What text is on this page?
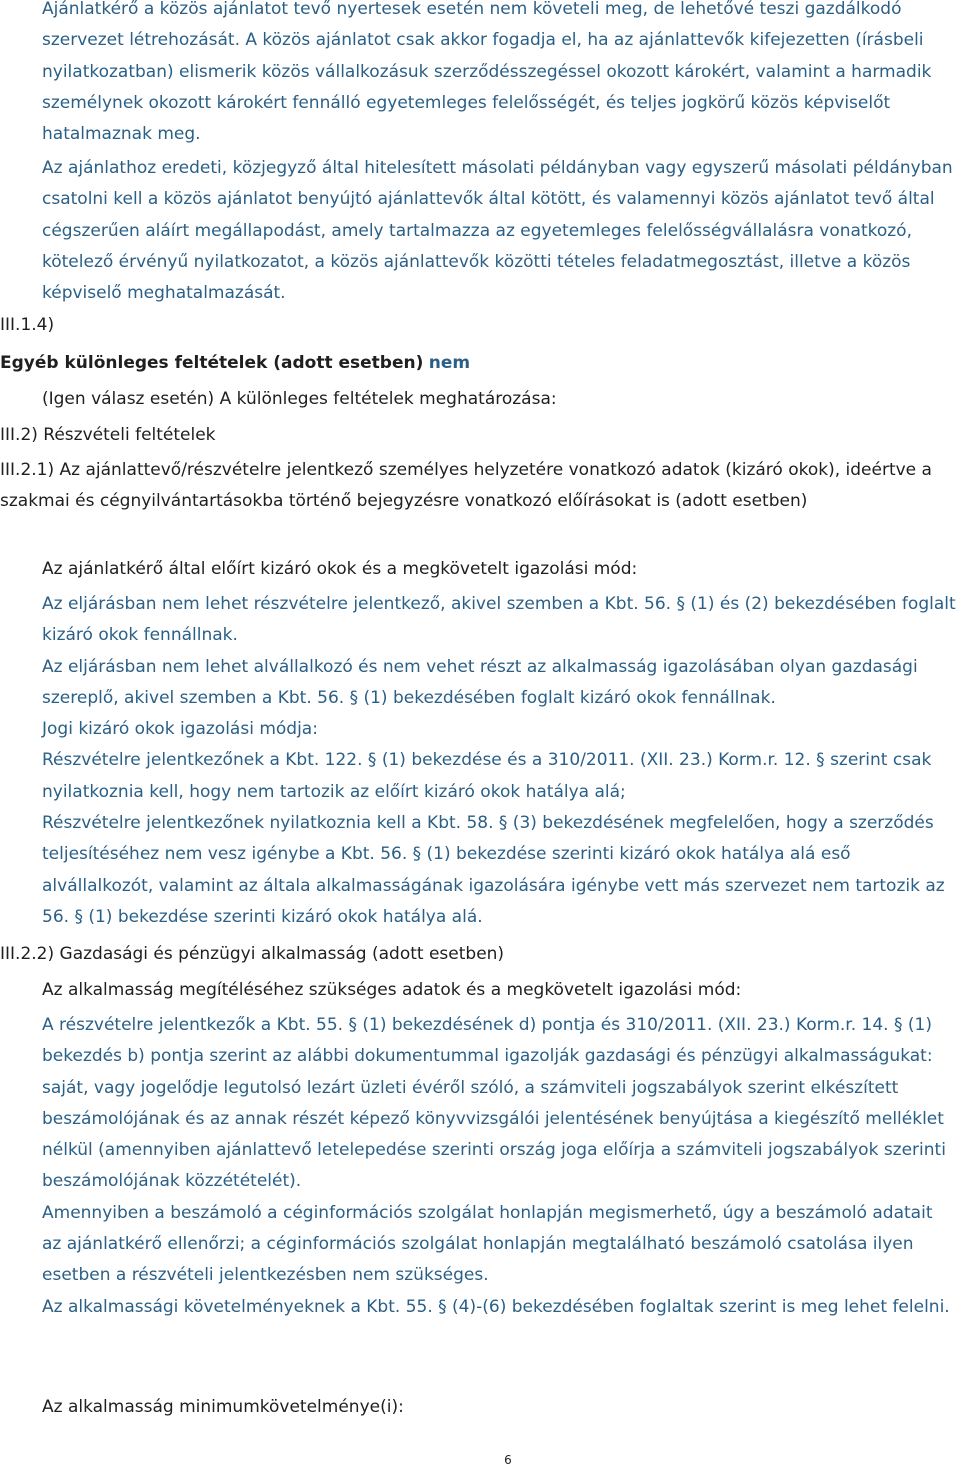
Ajánlatkérő a közös ajánlatot tevő nyertesek esetén nem követeli meg, de lehetővé teszi gazdálkodó szervezet létrehozását. A közös ajánlatot csak akkor fogadja el, ha az ajánlattevők kifejezetten (írásbeli nyilatkozatban) elismerik közös vállalkozásuk szerződésszegéssel okozott károkért, valamint a harmadik személynek okozott károkért fennálló egyetemleges felelősségét, és teljes jogkörű közös képviselőt hatalmaznak meg.

Az ajánlathoz eredeti, közjegyző által hitelesített másolati példányban vagy egyszerű másolati példányban csatolni kell a közös ajánlatot benyújtó ajánlattevők által kötött, és valamennyi közös ajánlatot tevő által cégszerűen aláírt megállapodást, amely tartalmazza az egyetemleges felelősségvállalásra vonatkozó, kötelező érvényű nyilatkozatot, a közös ajánlattevők közötti tételes feladatmegosztást, illetve a közös képviselő meghatalmazását.

III.1.4)

Egyéb különleges feltételek (adott esetben) nem

(Igen válasz esetén) A különleges feltételek meghatározása:

III.2) Részvételi feltételek

III.2.1) Az ajánlattevő/részvételre jelentkező személyes helyzetére vonatkozó adatok (kizáró okok), ideértve a szakmai és cégnyilvántartásokba történő bejegyzésre vonatkozó előírásokat is (adott esetben)

Az ajánlatkérő által előírt kizáró okok és a megkövetelt igazolási mód:

Az eljárásban nem lehet részvételre jelentkező, akivel szemben a Kbt. 56. § (1) és (2) bekezdésében foglalt kizáró okok fennállnak.

Az eljárásban nem lehet alvállalkozó és nem vehet részt az alkalmasság igazolásában olyan gazdasági szereplő, akivel szemben a Kbt. 56. § (1) bekezdésében foglalt kizáró okok fennállnak.

Jogi kizáró okok igazolási módja:

Részvételre jelentkezőnek a Kbt. 122. § (1) bekezdése és a 310/2011. (XII. 23.) Korm.r. 12. § szerint csak nyilatkoznia kell, hogy nem tartozik az előírt kizáró okok hatálya alá;

Részvételre jelentkezőnek nyilatkoznia kell a Kbt. 58. § (3) bekezdésének megfelelően, hogy a szerződés teljesítéséhez nem vesz igénybe a Kbt. 56. § (1) bekezdése szerinti kizáró okok hatálya alá eső alvállalkozót, valamint az általa alkalmasságának igazolására igénybe vett más szervezet nem tartozik az 56. § (1) bekezdése szerinti kizáró okok hatálya alá.

III.2.2) Gazdasági és pénzügyi alkalmasság (adott esetben)

Az alkalmasság megítéléséhez szükséges adatok és a megkövetelt igazolási mód:

A részvételre jelentkezők a Kbt. 55. § (1) bekezdésének d) pontja és 310/2011. (XII. 23.) Korm.r. 14. § (1) bekezdés b) pontja szerint az alábbi dokumentummal igazolják gazdasági és pénzügyi alkalmasságukat:

saját, vagy jogelődje legutolsó lezárt üzleti évéről szóló, a számviteli jogszabályok szerint elkészített beszámolójának és az annak részét képező könyvvizsgálói jelentésének benyújtása a kiegészítő melléklet nélkül (amennyiben ajánlattevő letelepedése szerinti ország joga előírja a számviteli jogszabályok szerinti beszámolójának közzétételét).

Amennyiben a beszámoló a céginformációs szolgálat honlapján megismerhető, úgy a beszámoló adatait az ajánlatkérő ellenőrzi; a céginformációs szolgálat honlapján megtalálható beszámoló csatolása ilyen esetben a részvételi jelentkezésben nem szükséges.

Az alkalmassági követelményeknek a Kbt. 55. § (4)-(6) bekezdésében foglaltak szerint is meg lehet felelni.

Az alkalmasság minimumkövetelménye(i):

6
